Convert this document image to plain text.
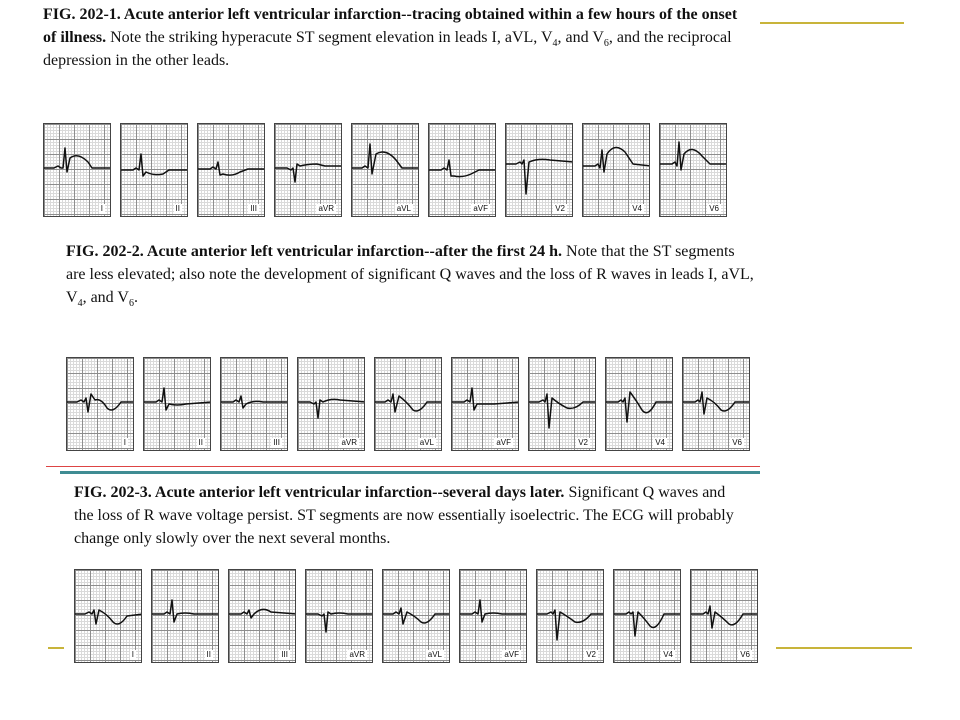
FIG. 202-1. Acute anterior left ventricular infarction--tracing obtained within a few hours of the onset of illness. Note the striking hyperacute ST segment elevation in leads I, aVL, $V_4$, and $V_6$, and the reciprocal depression in the other leads.
I	II	III	aVR	aVL	aVF	V2	V4	V6
FIG. 202-2. Acute anterior left ventricular infarction--after the first 24 h. Note that the ST segments are less elevated; also note the development of significant Q waves and the loss of R waves in leads I, aVL, $V_4$, and $V_6$.
I	II	III	aVR	aVL	aVF	V2	V4	V6
FIG. 202-3. Acute anterior left ventricular infarction--several days later. Significant Q waves and the loss of R wave voltage persist. ST segments are now essentially isoelectric. The ECG will probably change only slowly over the next several months.
I	II	III	aVR	aVL	aVF	V2	V4	V6
